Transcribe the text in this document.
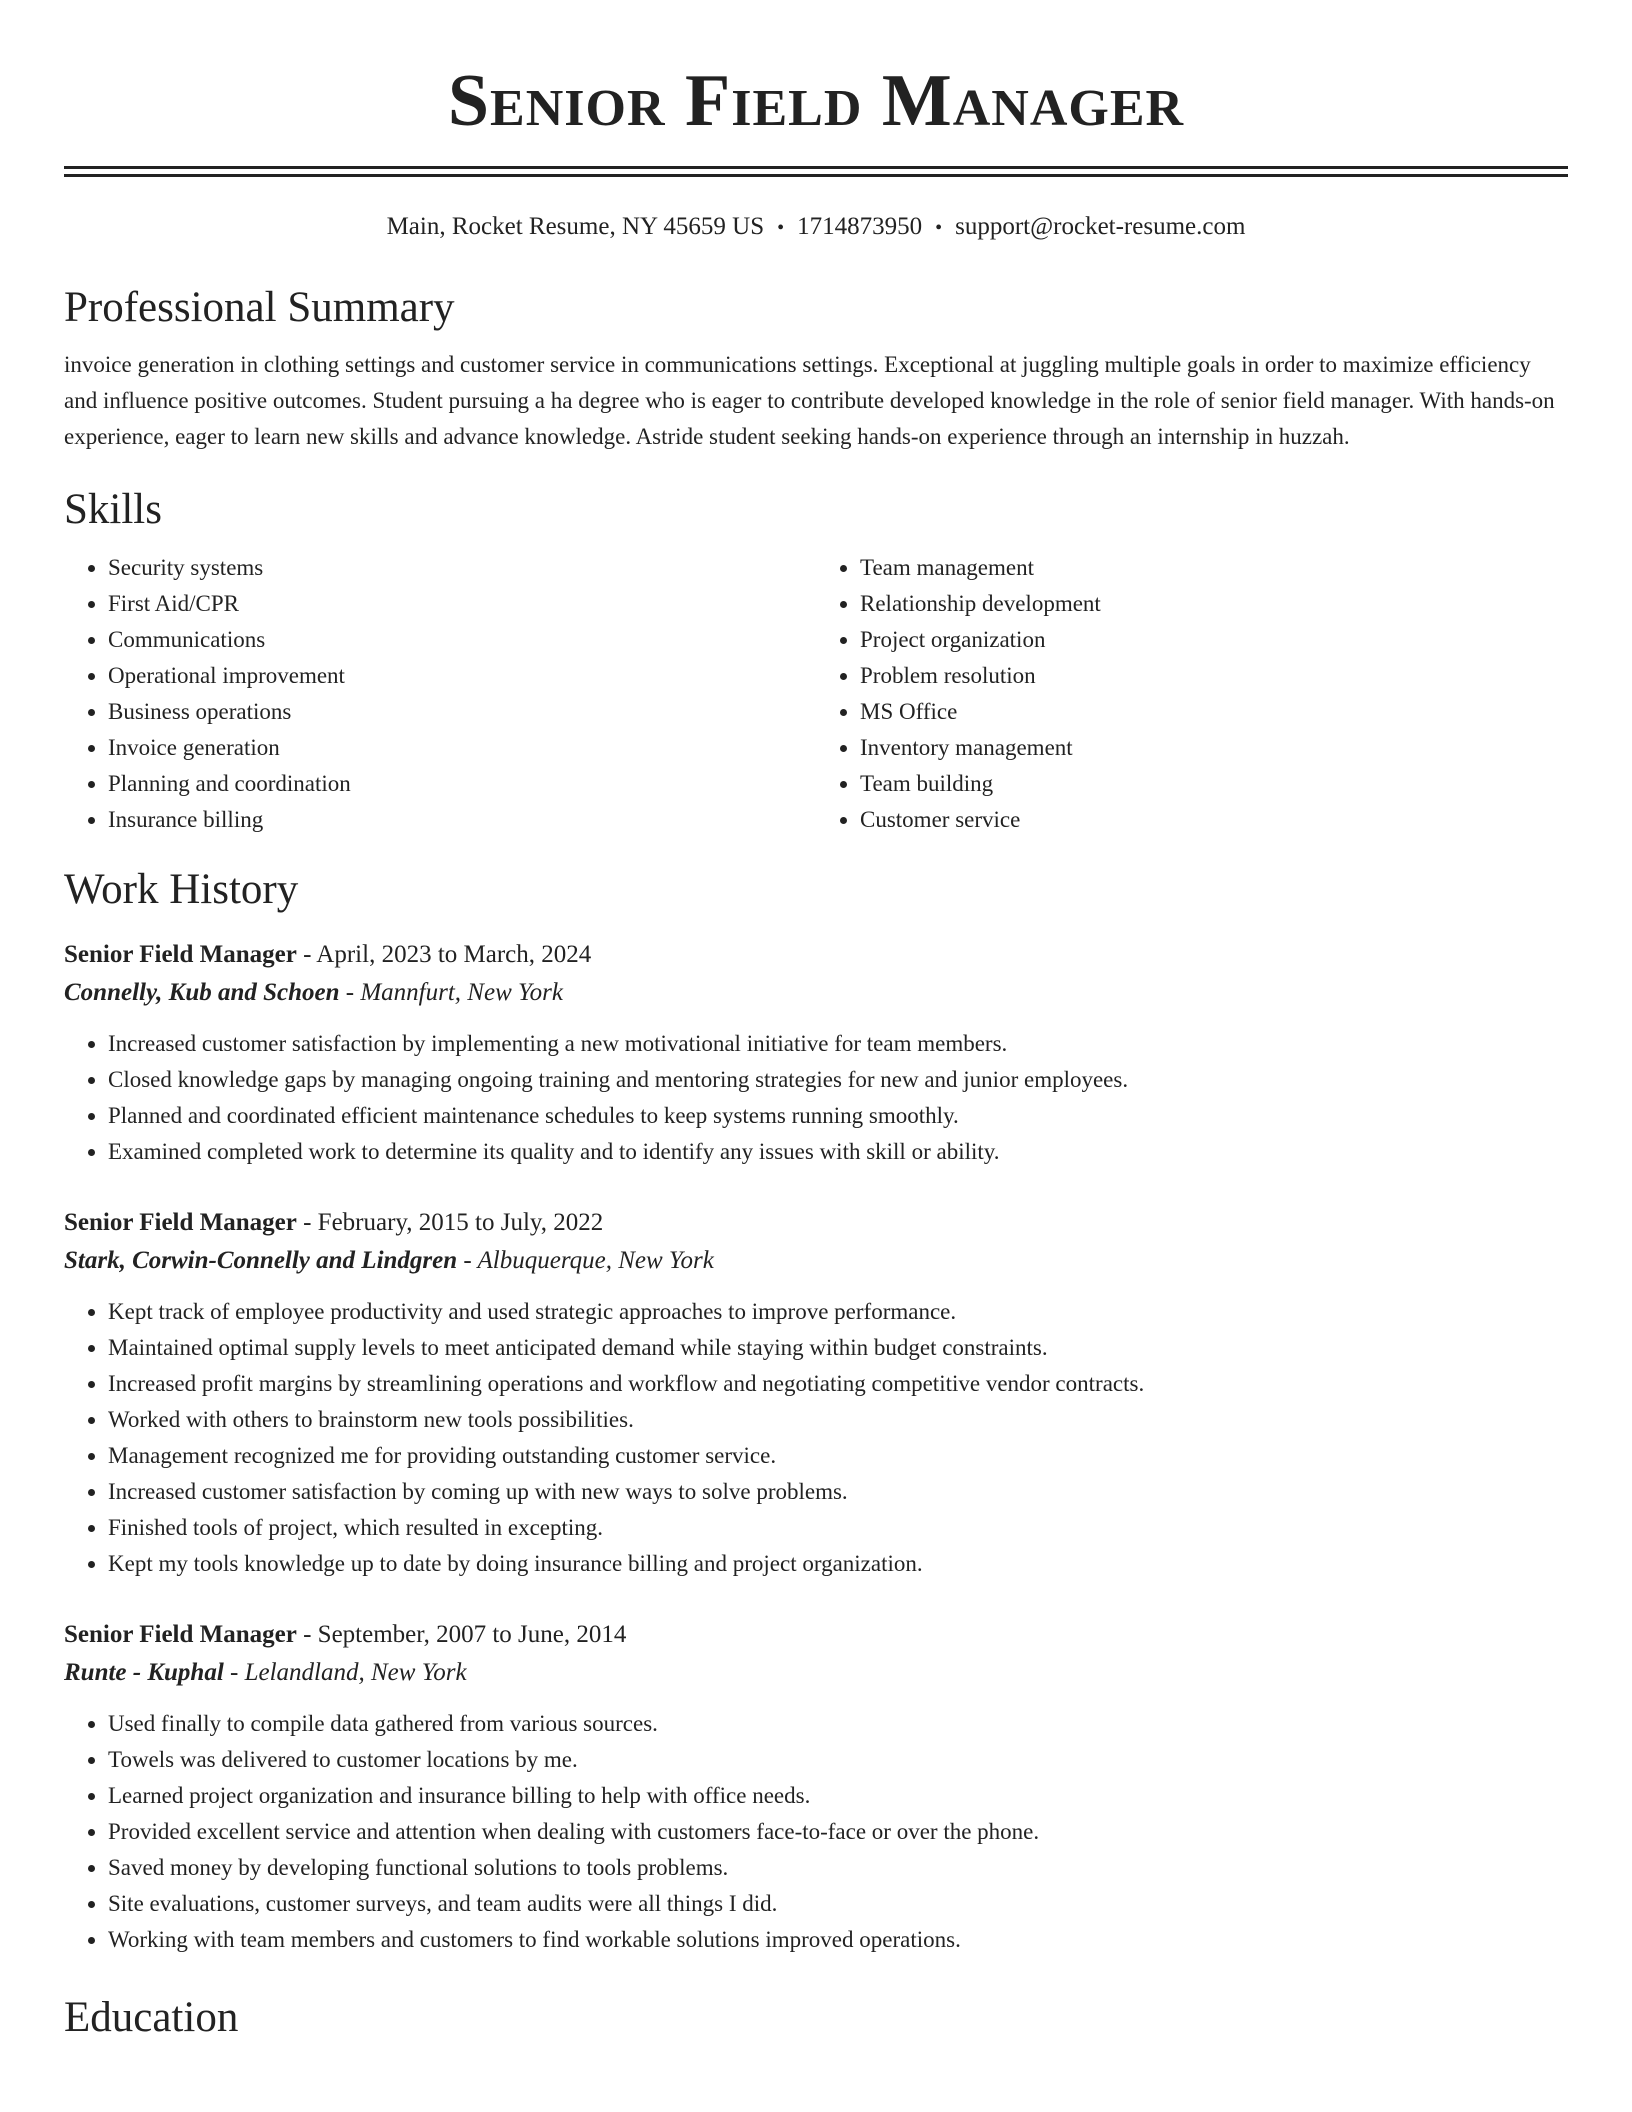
Senior Field Manager
Main, Rocket Resume, NY 45659 US • 1714873950 • support@rocket-resume.com
Professional Summary

invoice generation in clothing settings and customer service in communications settings. Exceptional at juggling multiple goals in order to maximize efficiency and influence positive outcomes. Student pursuing a ha degree who is eager to contribute developed knowledge in the role of senior field manager. With hands-on experience, eager to learn new skills and advance knowledge. Astride student seeking hands-on experience through an internship in huzzah.

Skills
• Security systems
• First Aid/CPR
• Communications
• Operational improvement
• Business operations
• Invoice generation
• Planning and coordination
• Insurance billing
• Team management
• Relationship development
• Project organization
• Problem resolution
• MS Office
• Inventory management
• Team building
• Customer service
Work History
Senior Field Manager - April, 2023 to March, 2024
Connelly, Kub and Schoen - Mannfurt, New York
• Increased customer satisfaction by implementing a new motivational initiative for team members.
• Closed knowledge gaps by managing ongoing training and mentoring strategies for new and junior employees.
• Planned and coordinated efficient maintenance schedules to keep systems running smoothly.
• Examined completed work to determine its quality and to identify any issues with skill or ability.
Senior Field Manager - February, 2015 to July, 2022
Stark, Corwin-Connelly and Lindgren - Albuquerque, New York
• Kept track of employee productivity and used strategic approaches to improve performance.
• Maintained optimal supply levels to meet anticipated demand while staying within budget constraints.
• Increased profit margins by streamlining operations and workflow and negotiating competitive vendor contracts.
• Worked with others to brainstorm new tools possibilities.
• Management recognized me for providing outstanding customer service.
• Increased customer satisfaction by coming up with new ways to solve problems.
• Finished tools of project, which resulted in excepting.
• Kept my tools knowledge up to date by doing insurance billing and project organization.
Senior Field Manager - September, 2007 to June, 2014
Runte - Kuphal - Lelandland, New York
• Used finally to compile data gathered from various sources.
• Towels was delivered to customer locations by me.
• Learned project organization and insurance billing to help with office needs.
• Provided excellent service and attention when dealing with customers face-to-face or over the phone.
• Saved money by developing functional solutions to tools problems.
• Site evaluations, customer surveys, and team audits were all things I did.
• Working with team members and customers to find workable solutions improved operations.
Education
